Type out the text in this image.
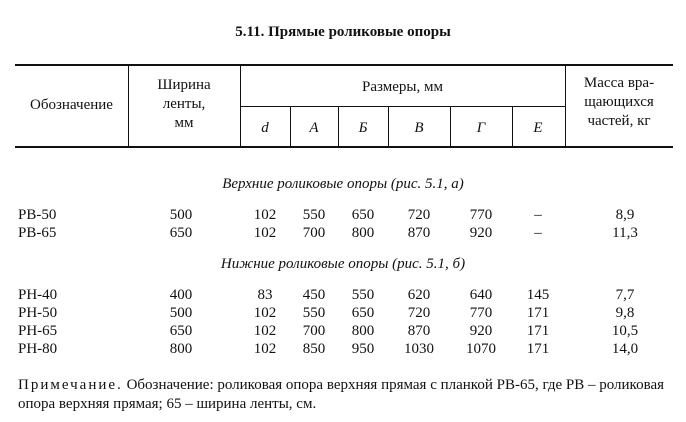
5.11. Прямые роликовые опоры
Обозначение
Ширина
ленты,
мм
Размеры, мм	Масса вра-
щающихся
частей, кг
d	A	Б	В	Г	Е
Верхние роликовые опоры (рис. 5.1, а)
РВ-50	500	102	550	650	720	770	–	8,9
РВ-65	650	102	700	800	870	920	–	11,3
Нижние роликовые опоры (рис. 5.1, б)
РН-40	400	83	450	550	620	640	145	7,7
РН-50	500	102	550	650	720	770	171	9,8
РН-65	650	102	700	800	870	920	171	10,5
РН-80	800	102	850	950	1030	1070	171	14,0
Примечание. Обозначение: роликовая опора верхняя прямая с планкой РВ-65, где РВ – роликовая опора верхняя прямая; 65 – ширина ленты, см.
